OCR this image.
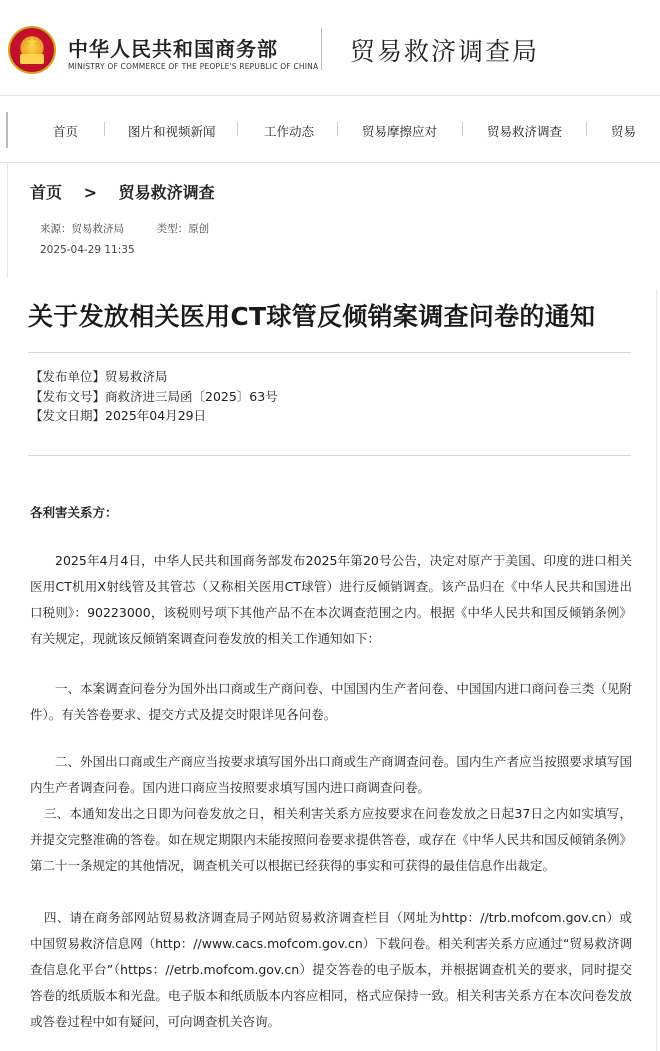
★ 中华人民共和国商务部
MINISTRY OF COMMERCE OF THE PEOPLE'S REPUBLIC OF CHINA
贸易救济调查局
首页	图片和视频新闻	工作动态	贸易摩擦应对	贸易救济调查	贸易
首页 > 贸易救济调查
来源：贸易救济局	类型：原创
2025-04-29 11:35
关于发放相关医用CT球管反倾销案调查问卷的通知
【发布单位】贸易救济局
【发布文号】商救济进三局函〔2025〕63号
【发文日期】2025年04月29日
各利害关系方：
2025年4月4日，中华人民共和国商务部发布2025年第20号公告，决定对原产于美国、印度的进口相关医用CT机用X射线管及其管芯（又称相关医用CT球管）进行反倾销调查。该产品归在《中华人民共和国进出口税则》：90223000，该税则号项下其他产品不在本次调查范围之内。根据《中华人民共和国反倾销条例》有关规定，现就该反倾销案调查问卷发放的相关工作通知如下：
一、本案调查问卷分为国外出口商或生产商问卷、中国国内生产者问卷、中国国内进口商问卷三类（见附件）。有关答卷要求、提交方式及提交时限详见各问卷。
二、外国出口商或生产商应当按要求填写国外出口商或生产商调查问卷。国内生产者应当按照要求填写国内生产者调查问卷。国内进口商应当按照要求填写国内进口商调查问卷。
三、本通知发出之日即为问卷发放之日，相关利害关系方应按要求在问卷发放之日起37日之内如实填写，并提交完整准确的答卷。如在规定期限内未能按照问卷要求提供答卷，或存在《中华人民共和国反倾销条例》第二十一条规定的其他情况，调查机关可以根据已经获得的事实和可获得的最佳信息作出裁定。
四、请在商务部网站贸易救济调查局子网站贸易救济调查栏目（网址为http：//trb.mofcom.gov.cn）或中国贸易救济信息网（http：//www.cacs.mofcom.gov.cn）下载问卷。相关利害关系方应通过“贸易救济调查信息化平台”（https：//etrb.mofcom.gov.cn）提交答卷的电子版本，并根据调查机关的要求，同时提交答卷的纸质版本和光盘。电子版本和纸质版本内容应相同，格式应保持一致。相关利害关系方在本次问卷发放或答卷过程中如有疑问，可向调查机关咨询。
